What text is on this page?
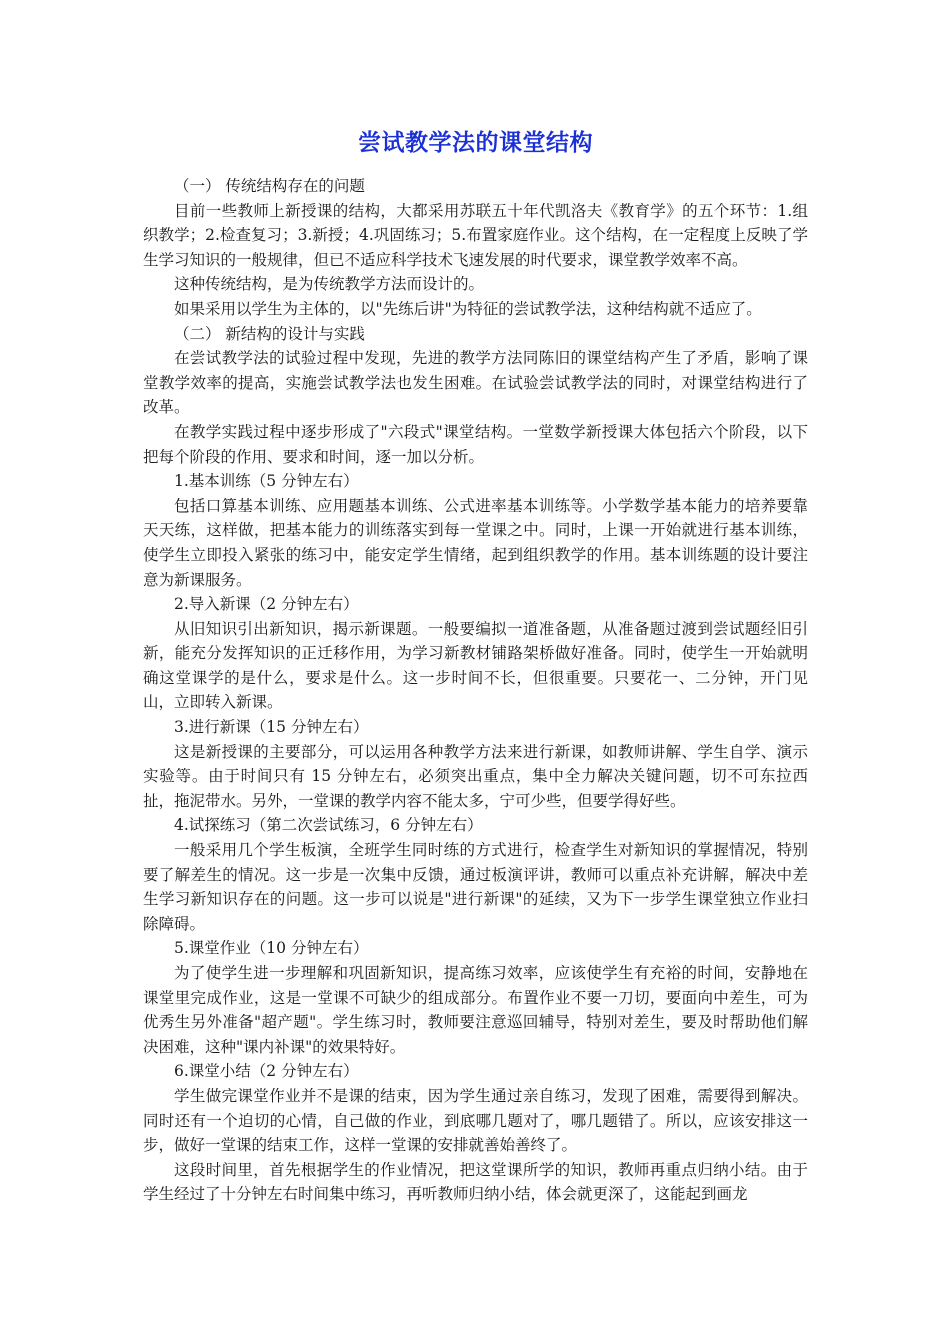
尝试教学法的课堂结构

（一） 传统结构存在的问题

目前一些教师上新授课的结构，大都采用苏联五十年代凯洛夫《教育学》的五个环节：1.组织教学；2.检查复习；3.新授；4.巩固练习；5.布置家庭作业。这个结构，在一定程度上反映了学生学习知识的一般规律，但已不适应科学技术飞速发展的时代要求，课堂教学效率不高。

这种传统结构，是为传统教学方法而设计的。

如果采用以学生为主体的，以"先练后讲"为特征的尝试教学法，这种结构就不适应了。

（二） 新结构的设计与实践

在尝试教学法的试验过程中发现，先进的教学方法同陈旧的课堂结构产生了矛盾，影响了课堂教学效率的提高，实施尝试教学法也发生困难。在试验尝试教学法的同时，对课堂结构进行了改革。

在教学实践过程中逐步形成了"六段式"课堂结构。一堂数学新授课大体包括六个阶段，以下把每个阶段的作用、要求和时间，逐一加以分析。

1.基本训练（5 分钟左右）

包括口算基本训练、应用题基本训练、公式进率基本训练等。小学数学基本能力的培养要靠天天练，这样做，把基本能力的训练落实到每一堂课之中。同时，上课一开始就进行基本训练，使学生立即投入紧张的练习中，能安定学生情绪，起到组织教学的作用。基本训练题的设计要注意为新课服务。

2.导入新课（2 分钟左右）

从旧知识引出新知识，揭示新课题。一般要编拟一道准备题，从准备题过渡到尝试题经旧引新，能充分发挥知识的正迁移作用，为学习新教材铺路架桥做好准备。同时，使学生一开始就明确这堂课学的是什么，要求是什么。这一步时间不长，但很重要。只要花一、二分钟，开门见山，立即转入新课。

3.进行新课（15 分钟左右）

这是新授课的主要部分，可以运用各种教学方法来进行新课，如教师讲解、学生自学、演示实验等。由于时间只有 15 分钟左右，必须突出重点，集中全力解决关键问题，切不可东拉西扯，拖泥带水。另外，一堂课的教学内容不能太多，宁可少些，但要学得好些。

4.试探练习（第二次尝试练习，6 分钟左右）

一般采用几个学生板演，全班学生同时练的方式进行，检查学生对新知识的掌握情况，特别要了解差生的情况。这一步是一次集中反馈，通过板演评讲，教师可以重点补充讲解，解决中差生学习新知识存在的问题。这一步可以说是"进行新课"的延续，又为下一步学生课堂独立作业扫除障碍。

5.课堂作业（10 分钟左右）

为了使学生进一步理解和巩固新知识，提高练习效率，应该使学生有充裕的时间，安静地在课堂里完成作业，这是一堂课不可缺少的组成部分。布置作业不要一刀切，要面向中差生，可为优秀生另外准备"超产题"。学生练习时，教师要注意巡回辅导，特别对差生，要及时帮助他们解决困难，这种"课内补课"的效果特好。

6.课堂小结（2 分钟左右）

学生做完课堂作业并不是课的结束，因为学生通过亲自练习，发现了困难，需要得到解决。同时还有一个迫切的心情，自己做的作业，到底哪几题对了，哪几题错了。所以，应该安排这一步，做好一堂课的结束工作，这样一堂课的安排就善始善终了。

这段时间里，首先根据学生的作业情况，把这堂课所学的知识，教师再重点归纳小结。由于学生经过了十分钟左右时间集中练习，再听教师归纳小结，体会就更深了，这能起到画龙
